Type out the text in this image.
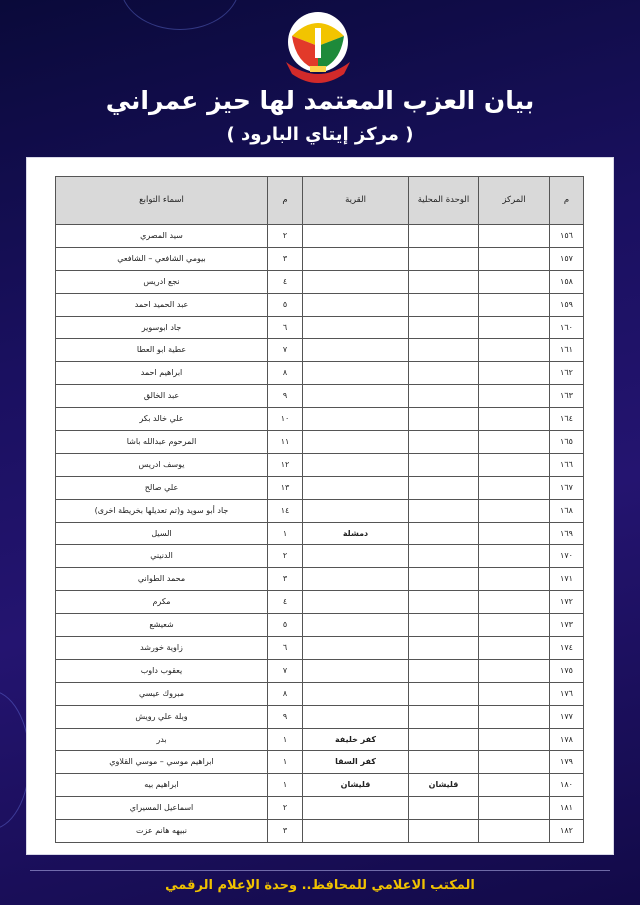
بيان العزب المعتمد لها حيز عمراني
( مركز إيتاي البارود )
م	المركز	الوحدة المحلية	القرية	م	اسماء التوابع
١٥٦				٢	سيد المصري
١٥٧				٣	بيومي الشافعي – الشافعي
١٥٨				٤	نجع ادريس
١٥٩				٥	عبد الحميد احمد
١٦٠				٦	جاد ابوسوير
١٦١				٧	عطية ابو العطا
١٦٢				٨	ابراهيم احمد
١٦٣				٩	عبد الخالق
١٦٤				١٠	علي خالد بكر
١٦٥				١١	المرحوم عبدالله باشا
١٦٦				١٢	يوسف ادريس
١٦٧				١٣	علي صالح
١٦٨				١٤	جاد أبو سويد و(تم تعديلها بخريطة اخرى)
١٦٩			دمشلة	١	السيل
١٧٠				٢	الدنيني
١٧١				٣	محمد الطواني
١٧٢				٤	مكرم
١٧٣				٥	شعيشع
١٧٤				٦	زاوية خورشد
١٧٥				٧	يعقوب داوب
١٧٦				٨	مبروك عيسي
١٧٧				٩	وبلة علي رويش
١٧٨			كفر خليفة	١	بدر
١٧٩			كفر السقا	١	ابراهيم موسي – موسي القلاوي
١٨٠		قليشان	قليشان	١	ابراهيم بيه
١٨١				٢	اسماعيل المسيراي
١٨٢				٣	نبيهه هانم عزت
المكتب الاعلامي للمحافظ.. وحدة الإعلام الرقمي
